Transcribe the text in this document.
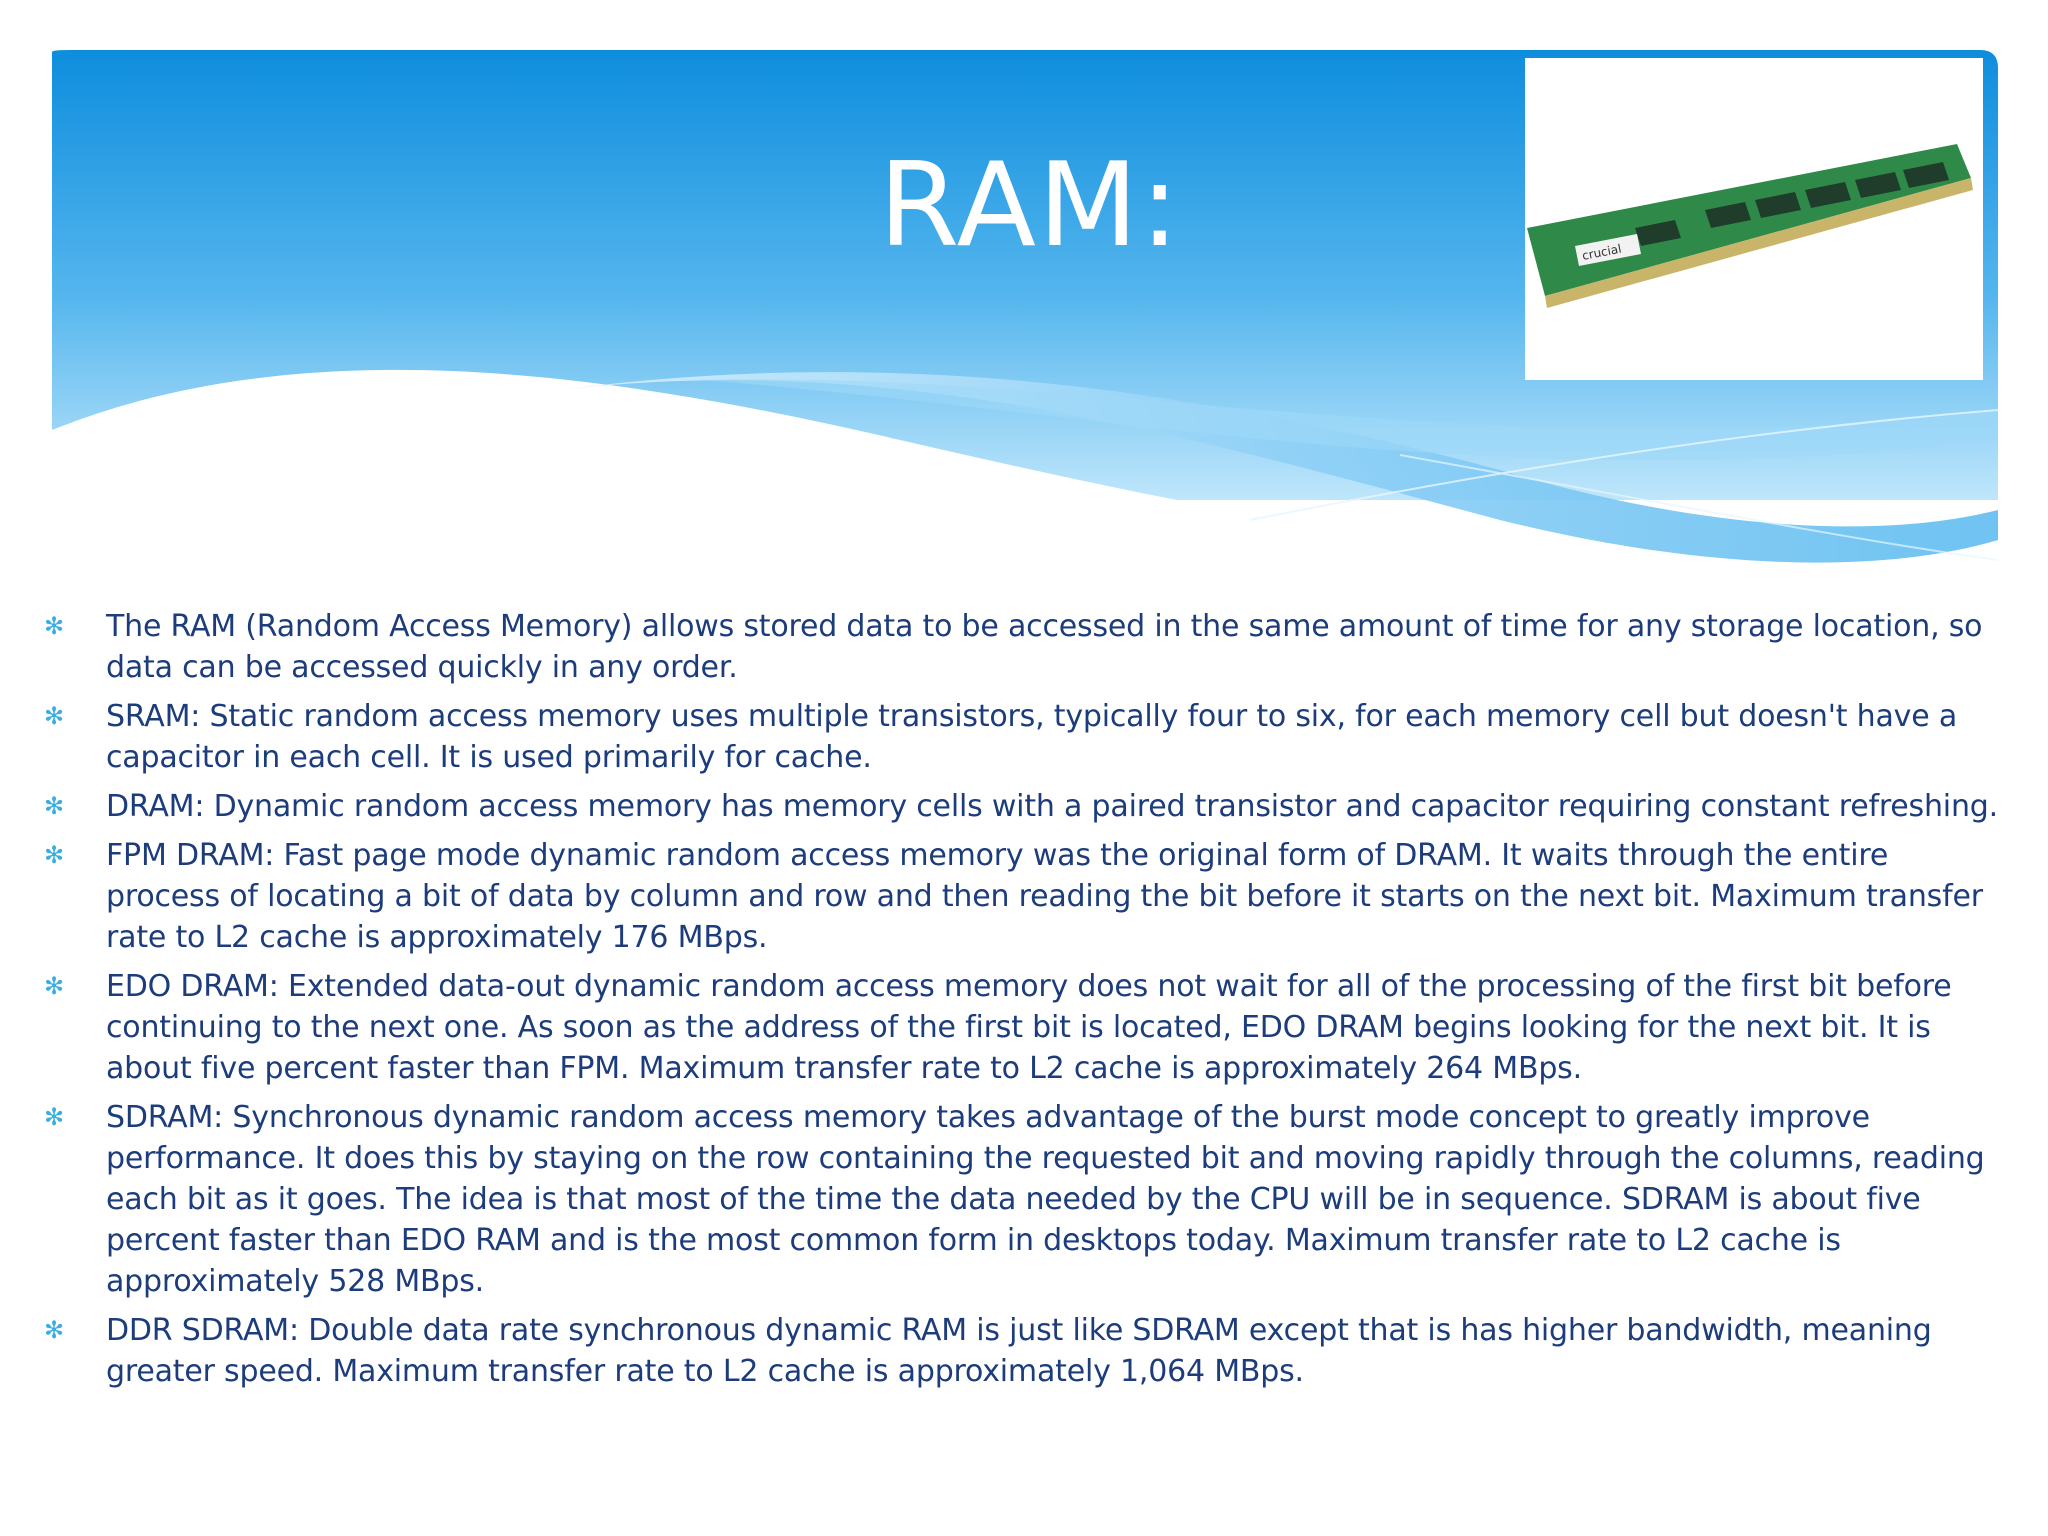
RAM:	crucial
✻ The RAM (Random Access Memory) allows stored data to be accessed in the same amount of time for any storage location, so data can be accessed quickly in any order.
✻ SRAM: Static random access memory uses multiple transistors, typically four to six, for each memory cell but doesn't have a capacitor in each cell. It is used primarily for cache.
✻ DRAM: Dynamic random access memory has memory cells with a paired transistor and capacitor requiring constant refreshing.
✻ FPM DRAM: Fast page mode dynamic random access memory was the original form of DRAM. It waits through the entire process of locating a bit of data by column and row and then reading the bit before it starts on the next bit. Maximum transfer rate to L2 cache is approximately 176 MBps.
✻ EDO DRAM: Extended data-out dynamic random access memory does not wait for all of the processing of the first bit before continuing to the next one. As soon as the address of the first bit is located, EDO DRAM begins looking for the next bit. It is about five percent faster than FPM. Maximum transfer rate to L2 cache is approximately 264 MBps.
✻ SDRAM: Synchronous dynamic random access memory takes advantage of the burst mode concept to greatly improve performance. It does this by staying on the row containing the requested bit and moving rapidly through the columns, reading each bit as it goes. The idea is that most of the time the data needed by the CPU will be in sequence. SDRAM is about five percent faster than EDO RAM and is the most common form in desktops today. Maximum transfer rate to L2 cache is approximately 528 MBps.
✻ DDR SDRAM: Double data rate synchronous dynamic RAM is just like SDRAM except that is has higher bandwidth, meaning greater speed. Maximum transfer rate to L2 cache is approximately 1,064 MBps.
